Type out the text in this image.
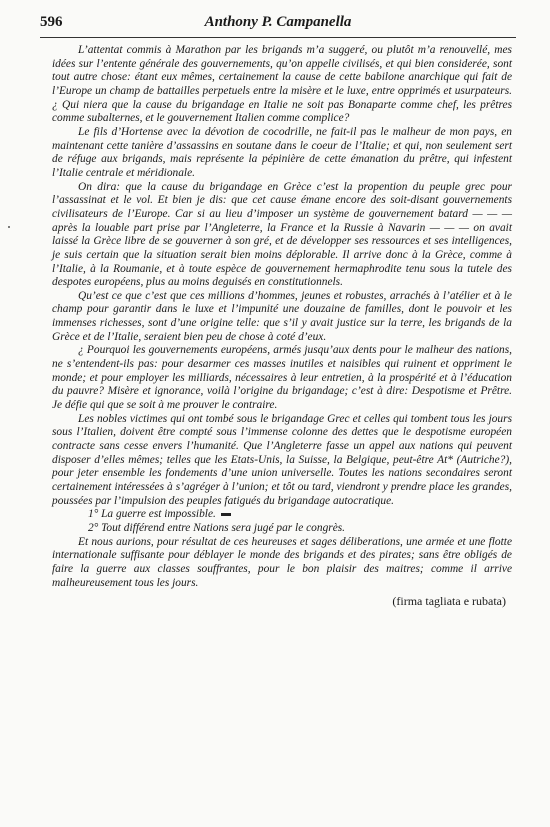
596	Anthony P. Campanella

L’attentat commis à Marathon par les brigands m’a suggeré, ou plutôt m’a renouvellé, mes idées sur l’entente générale des gouvernements, qu’on appelle civilisés, et qui bien considerée, sont tout autre chose: étant eux mêmes, certainement la cause de cette babilone anarchique qui fait de l’Europe un champ de battailles perpetuels entre la misère et le luxe, entre opprimés et usurpateurs. ¿ Qui niera que la cause du brigandage en Italie ne soit pas Bonaparte comme chef, les prêtres comme subalternes, et le gouvernement Italien comme complice?

Le fils d’Hortense avec la dévotion de cocodrille, ne fait-il pas le malheur de mon pays, en maintenant cette tanière d’assassins en soutane dans le coeur de l’Italie; et qui, non seulement sert de réfuge aux brigands, mais représente la pépinière de cette émanation du prêtre, qui infestent l’Italie centrale et méridionale.

On dira: que la cause du brigandage en Grèce c’est la propention du peuple grec pour l’assassinat et le vol. Et bien je dis: que cet cause émane encore des soit-disant gouvernements civilisateurs de l’Europe. Car si au lieu d’imposer un système de gouvernement batard — — — après la louable part prise par l’Angleterre, la France et la Russie à Navarin — — — on avait laissé la Grèce libre de se gouverner à son gré, et de développer ses ressources et ses intelligences, je suis certain que la situation serait bien moins déplorable. Il arrive donc à la Grèce, comme à l’Italie, à la Roumanie, et à toute espèce de gouvernement hermaphrodite tenu sous la tutele des despotes européens, plus au moins deguisés en constitutionnels.

Qu’est ce que c’est que ces millions d’hommes, jeunes et robustes, arrachés à l’atélier et à le champ pour garantir dans le luxe et l’impunité une douzaine de familles, dont le pouvoir et les immenses richesses, sont d’une origine telle: que s’il y avait justice sur la terre, les brigands de la Grèce et de l’Italie, seraient bien peu de chose à coté d’eux.

¿ Pourquoi les gouvernements européens, armés jusqu’aux dents pour le malheur des nations, ne s’entendent-ils pas: pour desarmer ces masses inutiles et naisibles qui ruinent et oppriment le monde; et pour employer les milliards, nécessaires à leur entretien, à la prospérité et à l’éducation du pauvre? Misère et ignorance, voilà l’origine du brigandage; c’est à dire: Despotisme et Prêtre. Je défie qui que se soit à me prouver le contraire.

Les nobles victimes qui ont tombé sous le brigandage Grec et celles qui tombent tous les jours sous l’Italien, doivent être compté sous l’immense colonne des dettes que le despotisme européen contracte sans cesse envers l’humanité. Que l’Angleterre fasse un appel aux nations qui peuvent disposer d’elles mêmes; telles que les Etats-Unis, la Suisse, la Belgique, peut-être At* (Autriche?), pour jeter ensemble les fondements d’une union universelle. Toutes les nations secondaires seront certainement intéressées à s’agréger à l’union; et tôt ou tard, viendront y prendre place les grandes, poussées par l’impulsion des peuples fatigués du brigandage autocratique.

1° La guerre est impossible.

2° Tout différend entre Nations sera jugé par le congrès.

Et nous aurions, pour résultat de ces heureuses et sages déliberations, une armée et une flotte internationale suffisante pour déblayer le monde des brigands et des pirates; sans être obligés de faire la guerre aux classes souffrantes, pour le bon plaisir des maitres; comme il arrive malheureusement tous les jours.

(firma tagliata e rubata)
